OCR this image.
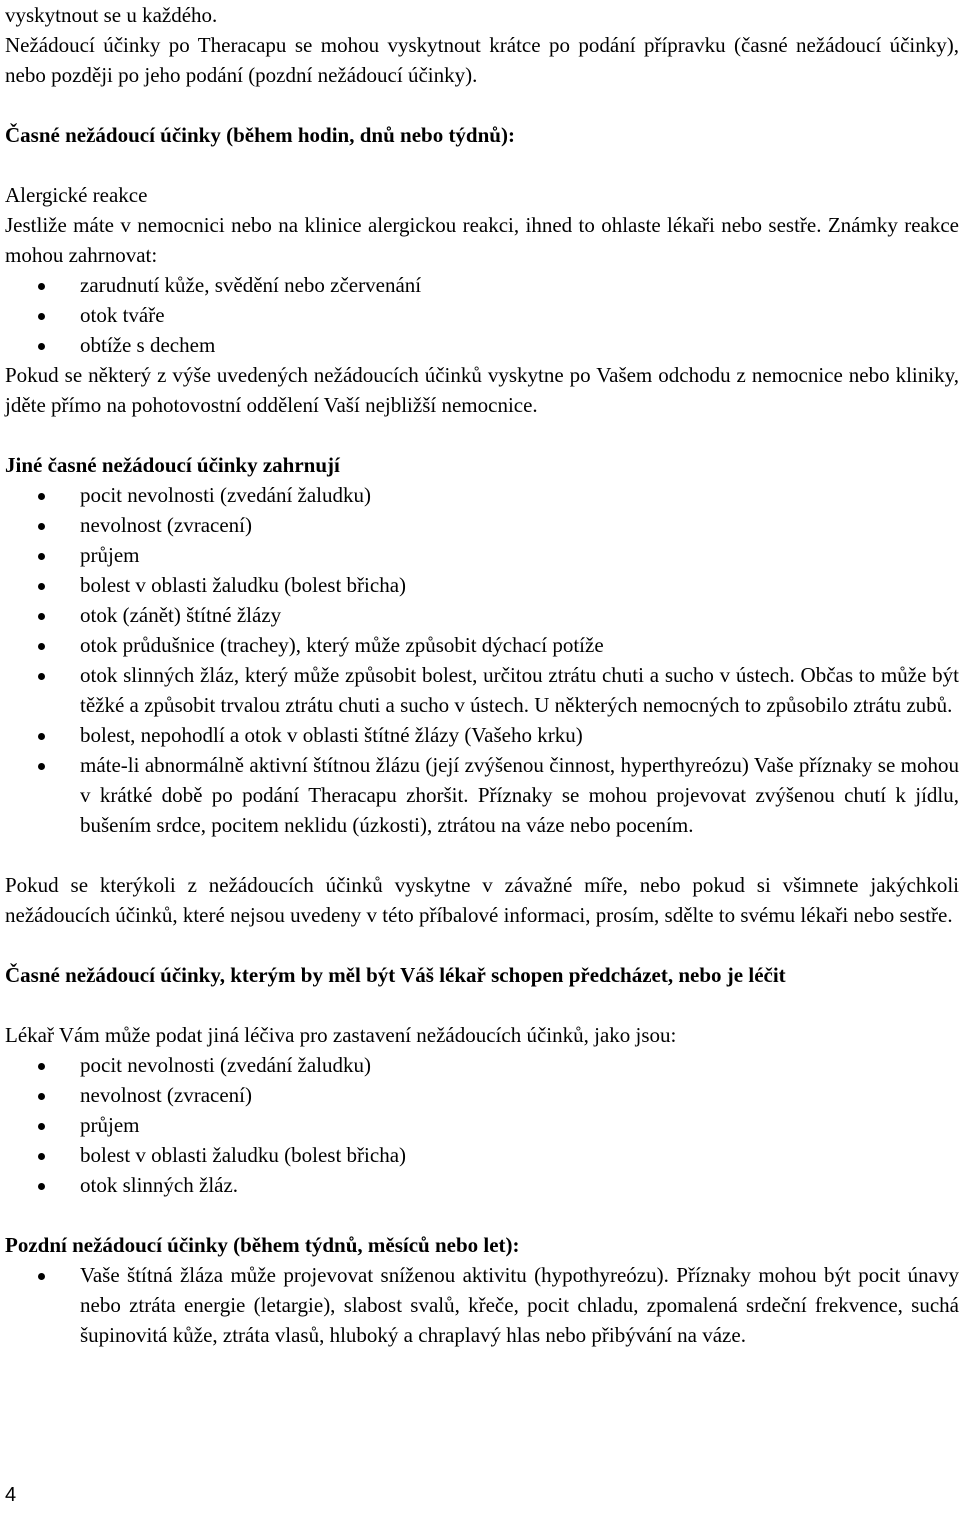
vyskytnout se u každého.

Nežádoucí účinky po Theracapu se mohou vyskytnout krátce po podání přípravku (časné nežádoucí účinky), nebo později po jeho podání (pozdní nežádoucí účinky).

Časné nežádoucí účinky (během hodin, dnů nebo týdnů):

Alergické reakce

Jestliže máte v nemocnici nebo na klinice alergickou reakci, ihned to ohlaste lékaři nebo sestře. Známky reakce mohou zahrnovat:

zarudnutí kůže, svědění nebo zčervenání
otok tváře
obtíže s dechem

Pokud se některý z výše uvedených nežádoucích účinků vyskytne po Vašem odchodu z nemocnice nebo kliniky, jděte přímo na pohotovostní oddělení Vaší nejbližší nemocnice.

Jiné časné nežádoucí účinky zahrnují

pocit nevolnosti (zvedání žaludku)
nevolnost (zvracení)
průjem
bolest v oblasti žaludku (bolest břicha)
otok (zánět) štítné žlázy
otok průdušnice (trachey), který může způsobit dýchací potíže
otok slinných žláz, který může způsobit bolest, určitou ztrátu chuti a sucho v ústech. Občas to může být těžké a způsobit trvalou ztrátu chuti a sucho v ústech. U některých nemocných to způsobilo ztrátu zubů.
bolest, nepohodlí a otok v oblasti štítné žlázy (Vašeho krku)
máte-li abnormálně aktivní štítnou žlázu (její zvýšenou činnost, hyperthyreózu) Vaše příznaky se mohou v krátké době po podání Theracapu zhoršit. Příznaky se mohou projevovat zvýšenou chutí k jídlu, bušením srdce, pocitem neklidu (úzkosti), ztrátou na váze nebo pocením.

Pokud se kterýkoli z nežádoucích účinků vyskytne v závažné míře, nebo pokud si všimnete jakýchkoli nežádoucích účinků, které nejsou uvedeny v této příbalové informaci, prosím, sdělte to svému lékaři nebo sestře.

Časné nežádoucí účinky, kterým by měl být Váš lékař schopen předcházet, nebo je léčit

Lékař Vám může podat jiná léčiva pro zastavení nežádoucích účinků, jako jsou:

pocit nevolnosti (zvedání žaludku)
nevolnost (zvracení)
průjem
bolest v oblasti žaludku (bolest břicha)
otok slinných žláz.

Pozdní nežádoucí účinky (během týdnů, měsíců nebo let):

Vaše štítná žláza může projevovat sníženou aktivitu (hypothyreózu). Příznaky mohou být pocit únavy nebo ztráta energie (letargie), slabost svalů, křeče, pocit chladu, zpomalená srdeční frekvence, suchá šupinovitá kůže, ztráta vlasů, hluboký a chraplavý hlas nebo přibývání na váze.
4
